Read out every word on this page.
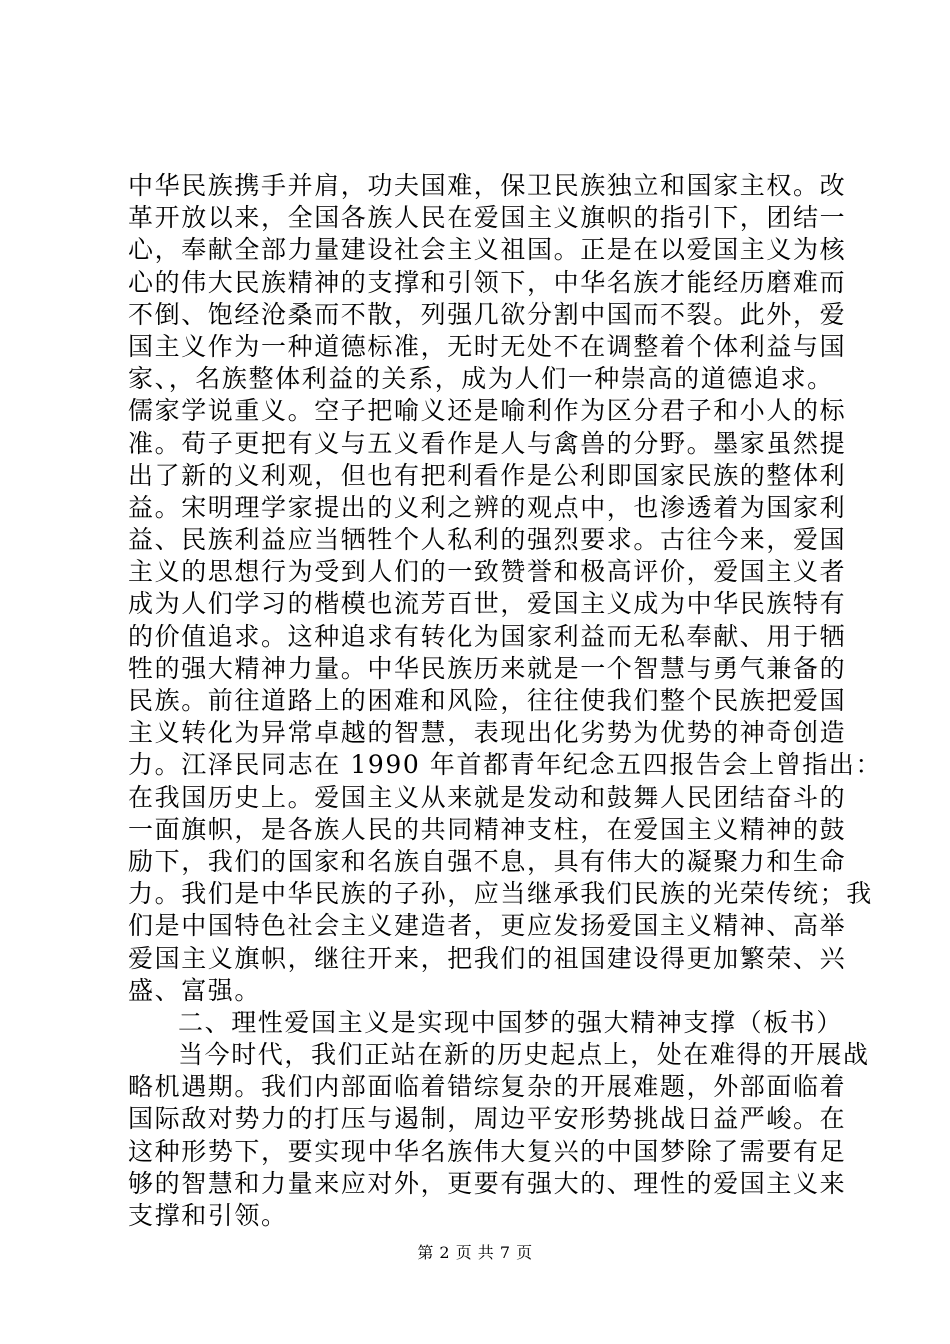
中华民族携手并肩，功夫国难，保卫民族独立和国家主权。改
革开放以来，全国各族人民在爱国主义旗帜的指引下，团结一
心，奉献全部力量建设社会主义祖国。正是在以爱国主义为核
心的伟大民族精神的支撑和引领下，中华名族才能经历磨难而
不倒、饱经沧桑而不散，列强几欲分割中国而不裂。此外，爱
国主义作为一种道德标准，无时无处不在调整着个体利益与国
家、，名族整体利益的关系，成为人们一种崇高的道德追求。
儒家学说重义。空子把喻义还是喻利作为区分君子和小人的标
准。荀子更把有义与五义看作是人与禽兽的分野。墨家虽然提
出了新的义利观，但也有把利看作是公利即国家民族的整体利
益。宋明理学家提出的义利之辨的观点中，也渗透着为国家利
益、民族利益应当牺牲个人私利的强烈要求。古往今来，爱国
主义的思想行为受到人们的一致赞誉和极高评价，爱国主义者
成为人们学习的楷模也流芳百世，爱国主义成为中华民族特有
的价值追求。这种追求有转化为国家利益而无私奉献、用于牺
牲的强大精神力量。中华民族历来就是一个智慧与勇气兼备的
民族。前往道路上的困难和风险，往往使我们整个民族把爱国
主义转化为异常卓越的智慧，表现出化劣势为优势的神奇创造
力。江泽民同志在 1990 年首都青年纪念五四报告会上曾指出：
在我国历史上。爱国主义从来就是发动和鼓舞人民团结奋斗的
一面旗帜，是各族人民的共同精神支柱，在爱国主义精神的鼓
励下，我们的国家和名族自强不息，具有伟大的凝聚力和生命
力。我们是中华民族的子孙，应当继承我们民族的光荣传统；我
们是中国特色社会主义建造者，更应发扬爱国主义精神、高举
爱国主义旗帜，继往开来，把我们的祖国建设得更加繁荣、兴
盛、富强。
二、理性爱国主义是实现中国梦的强大精神支撑（板书）
当今时代，我们正站在新的历史起点上，处在难得的开展战
略机遇期。我们内部面临着错综复杂的开展难题，外部面临着
国际敌对势力的打压与遏制，周边平安形势挑战日益严峻。在
这种形势下，要实现中华名族伟大复兴的中国梦除了需要有足
够的智慧和力量来应对外，更要有强大的、理性的爱国主义来
支撑和引领。
第 2 页 共 7 页
